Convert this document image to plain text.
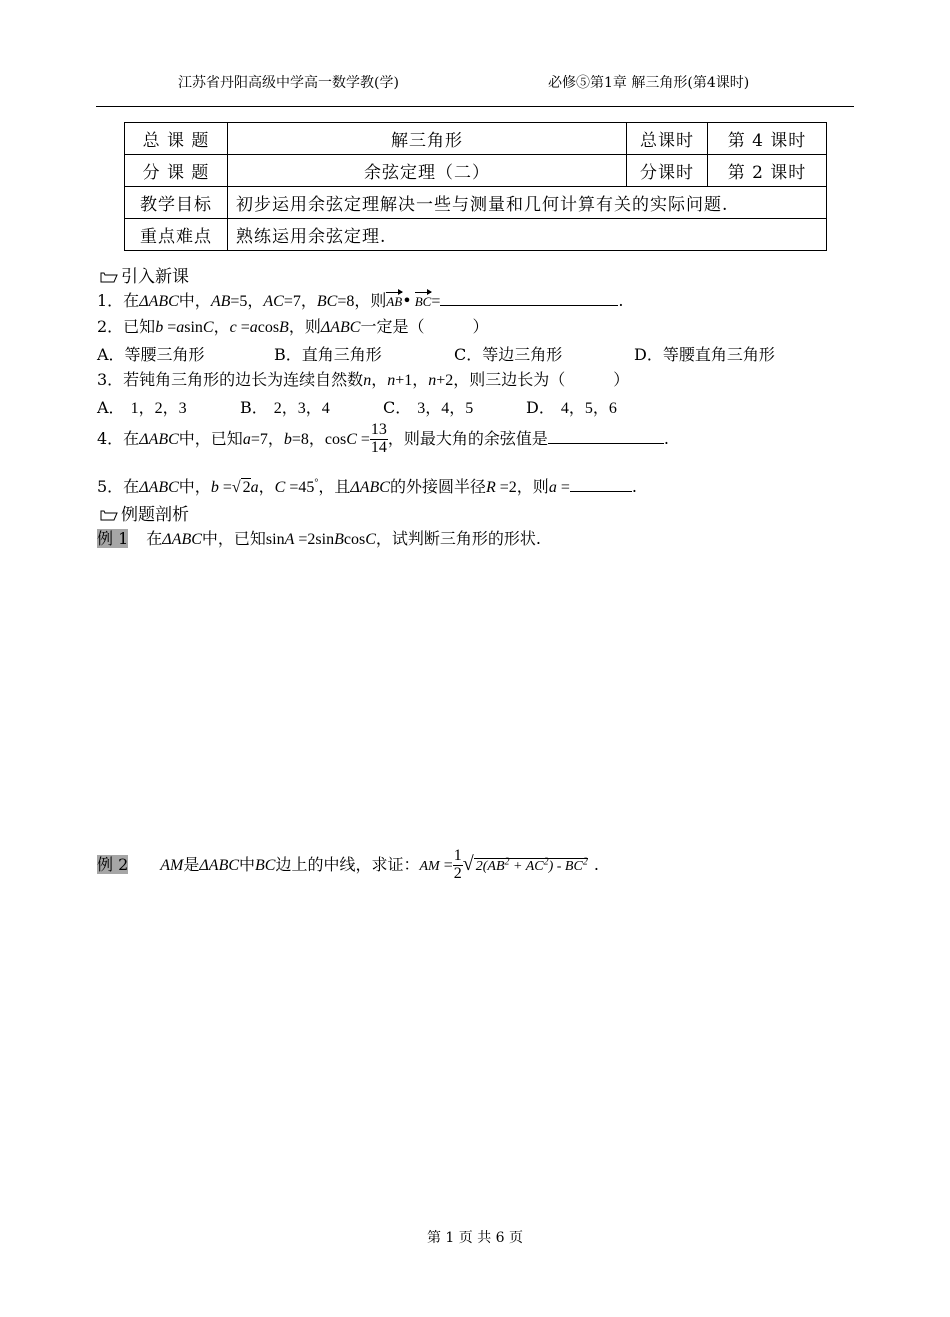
江苏省丹阳高级中学高一数学教(学)	必修⑤第1章 解三角形(第4课时)
总 课 题	解三角形	总课时	第 4 课时
分 课 题	余弦定理（二）	分课时	第 2 课时
教学目标	初步运用余弦定理解决一些与测量和几何计算有关的实际问题.		
重点难点	熟练运用余弦定理.		
引入新课
1．在ΔABC中，AB=5，AC=7，BC=8，则AB• BC=	.
2．已知b =asinC，c =acosB，则ΔABC一定是（　　　）
A．等腰三角形	B．直角三角形	C．等边三角形	D．等腰直角三角形
3．若钝角三角形的边长为连续自然数n，n+1，n+2，则三边长为（　　　）
A． 1，2，3	B． 2，3，4	C． 3，4，5	D． 4，5，6
4．在ΔABC中，已知a=7，b=8，$\cos C = \frac{13}{14}$ ，则最大角的余弦值是	.
5．在ΔABC中，b =√ 2a，C =45°，且ΔABC的外接圆半径R =2，则a =	.
例题剖析
例 1 在ΔABC中，已知sinA =2sinBcosC，试判断三角形的形状.
例 2 AM是ΔABC中BC边上的中线，求证：AM = $\frac{1}{2}$ √ $2(AB^2 + AC^2) - BC^2$ .
第 1 页 共 6 页
